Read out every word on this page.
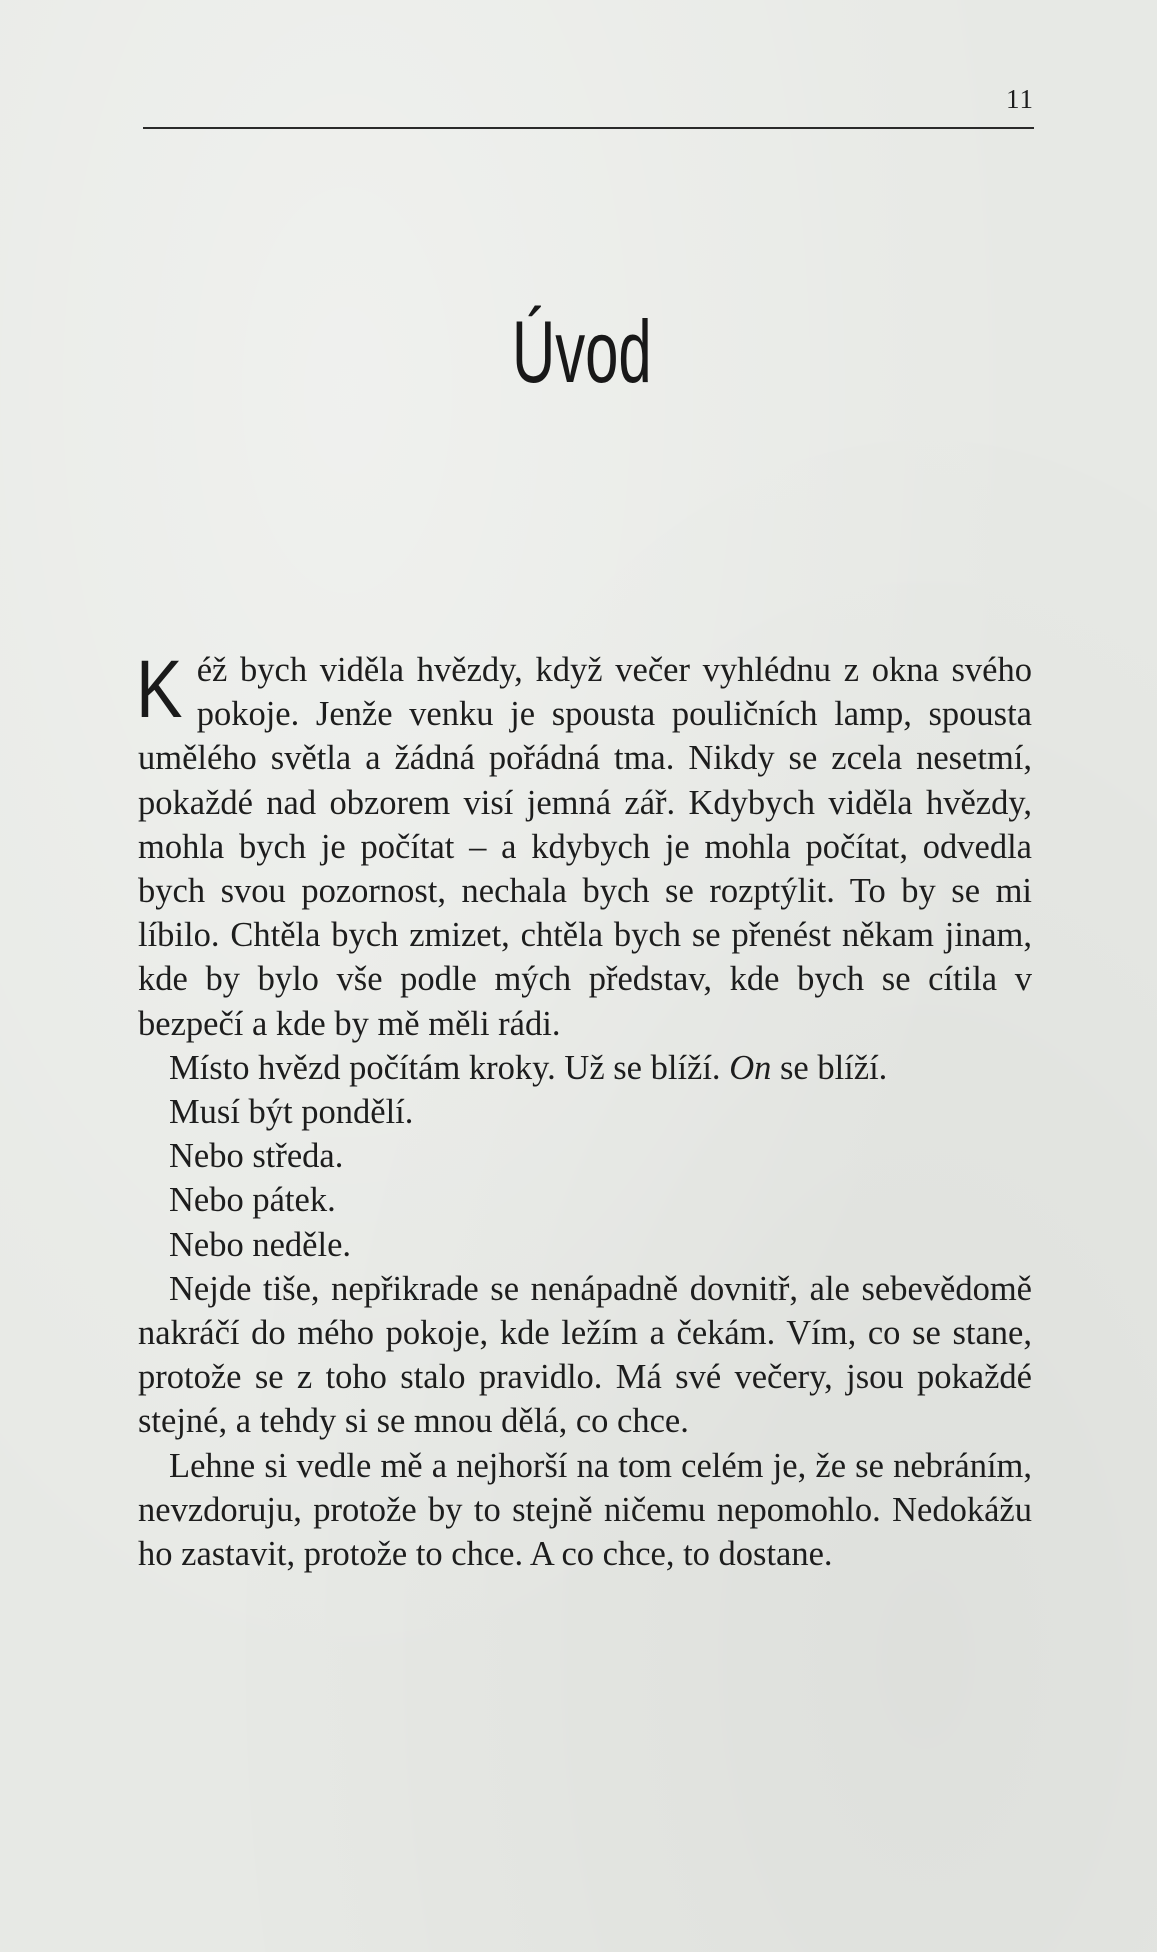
11
Úvod

Kéž bych viděla hvězdy, když večer vyhlédnu z okna svého pokoje. Jenže venku je spousta pouličních lamp, spousta umělého světla a žádná pořádná tma. Nikdy se zcela nesetmí, pokaždé nad obzorem visí jemná zář. Kdybych viděla hvězdy, mohla bych je počítat – a kdybych je mohla počítat, odvedla bych svou pozornost, nechala bych se rozptýlit. To by se mi líbilo. Chtěla bych zmizet, chtěla bych se přenést někam jinam, kde by bylo vše podle mých představ, kde bych se cítila v bezpečí a kde by mě měli rádi.

Místo hvězd počítám kroky. Už se blíží. On se blíží.

Musí být pondělí.

Nebo středa.

Nebo pátek.

Nebo neděle.

Nejde tiše, nepřikrade se nenápadně dovnitř, ale sebevědomě nakráčí do mého pokoje, kde ležím a čekám. Vím, co se stane, protože se z toho stalo pravidlo. Má své večery, jsou pokaždé stejné, a tehdy si se mnou dělá, co chce.

Lehne si vedle mě a nejhorší na tom celém je, že se nebráním, nevzdoruju, protože by to stejně ničemu nepomohlo. Nedokážu ho zastavit, protože to chce. A co chce, to dostane.
